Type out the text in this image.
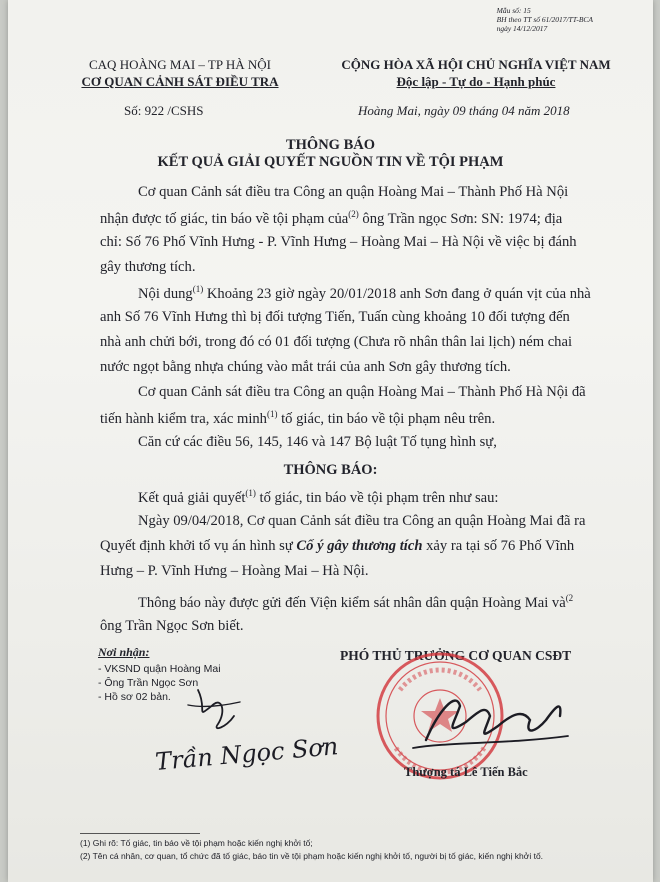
Mẫu số: 15
BH theo TT số 61/2017/TT-BCA
ngày 14/12/2017
CAQ HOÀNG MAI – TP HÀ NỘI
CƠ QUAN CẢNH SÁT ĐIỀU TRA
CỘNG HÒA XÃ HỘI CHỦ NGHĨA VIỆT NAM
Độc lập - Tự do - Hạnh phúc
Số: 922 /CSHS	Hoàng Mai, ngày 09 tháng 04 năm 2018
THÔNG BÁO
KẾT QUẢ GIẢI QUYẾT NGUỒN TIN VỀ TỘI PHẠM
Cơ quan Cảnh sát điều tra Công an quận Hoàng Mai – Thành Phố Hà Nội
nhận được tố giác, tin báo về tội phạm của$^{(2)}$ ông Trần ngọc Sơn: SN: 1974; địa
chỉ: Số 76 Phố Vĩnh Hưng - P. Vĩnh Hưng – Hoàng Mai – Hà Nội về việc bị đánh
gây thương tích.
Nội dung$^{(1)}$ Khoảng 23 giờ ngày 20/01/2018 anh Sơn đang ở quán vịt của nhà
anh Số 76 Vĩnh Hưng thì bị đối tượng Tiến, Tuấn cùng khoảng 10 đối tượng đến
nhà anh chửi bới, trong đó có 01 đối tượng (Chưa rõ nhân thân lai lịch) ném chai
nước ngọt bằng nhựa chúng vào mắt trái của anh Sơn gây thương tích.
Cơ quan Cảnh sát điều tra Công an quận Hoàng Mai – Thành Phố Hà Nội đã
tiến hành kiểm tra, xác minh$^{(1)}$ tố giác, tin báo về tội phạm nêu trên.
Căn cứ các điều 56, 145, 146 và 147 Bộ luật Tố tụng hình sự,
THÔNG BÁO:
Kết quả giải quyết$^{(1)}$ tố giác, tin báo về tội phạm trên như sau:
Ngày 09/04/2018, Cơ quan Cảnh sát điều tra Công an quận Hoàng Mai đã ra
Quyết định khởi tố vụ án hình sự Cố ý gây thương tích xảy ra tại số 76 Phố Vĩnh
Hưng – P. Vĩnh Hưng – Hoàng Mai – Hà Nội.
Thông báo này được gửi đến Viện kiểm sát nhân dân quận Hoàng Mai $và^{(2}$
ông Trần Ngọc Sơn biết.
Nơi nhận:
- VKSND quận Hoàng Mai
- Ông Trần Ngọc Sơn
- Hồ sơ 02 bản.
PHÓ THỦ TRƯỞNG CƠ QUAN CSĐT
Trần Ngọc Sơn	Thượng tá Lê Tiến Bắc
(1) Ghi rõ: Tố giác, tin báo về tội phạm hoặc kiến nghị khởi tố;
(2) Tên cá nhân, cơ quan, tổ chức đã tố giác, báo tin về tội phạm hoặc kiến nghị khởi tố, người bị tố giác, kiến nghị khởi tố.
